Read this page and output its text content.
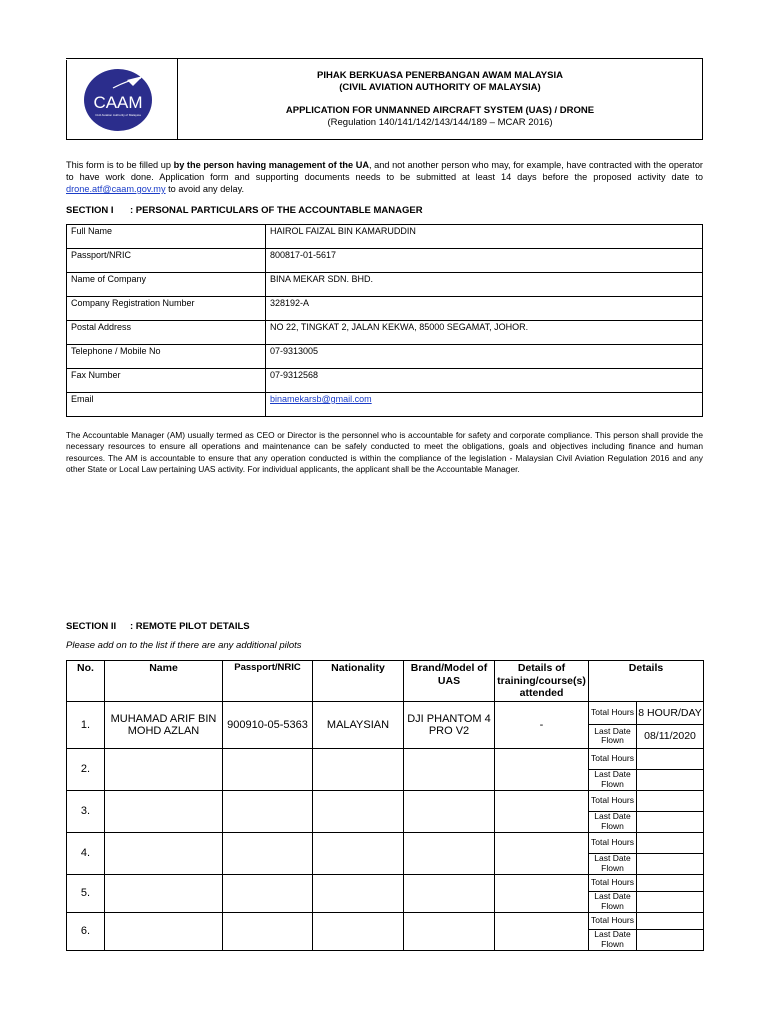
CAAM
Civil Aviation Authority of Malaysia
PIHAK BERKUASA PENERBANGAN AWAM MALAYSIA
(CIVIL AVIATION AUTHORITY OF MALAYSIA)
APPLICATION FOR UNMANNED AIRCRAFT SYSTEM (UAS) / DRONE
(Regulation 140/141/142/143/144/189 – MCAR 2016)
This form is to be filled up by the person having management of the UA, and not another person who may, for example, have contracted with the operator to have work done. Application form and supporting documents needs to be submitted at least 14 days before the proposed activity date to drone.atf@caam.gov.my to avoid any delay.
SECTION I : PERSONAL PARTICULARS OF THE ACCOUNTABLE MANAGER
Full Name	HAIROL FAIZAL BIN KAMARUDDIN
Passport/NRIC	800817-01-5617
Name of Company	BINA MEKAR SDN. BHD.
Company Registration Number	328192-A
Postal Address	NO 22, TINGKAT 2, JALAN KEKWA, 85000 SEGAMAT, JOHOR.
Telephone / Mobile No	07-9313005
Fax Number	07-9312568
Email	binamekarsb@gmail.com
The Accountable Manager (AM) usually termed as CEO or Director is the personnel who is accountable for safety and corporate compliance. This person shall provide the necessary resources to ensure all operations and maintenance can be safely conducted to meet the obligations, goals and objectives including finance and human resources. The AM is accountable to ensure that any operation conducted is within the compliance of the legislation - Malaysian Civil Aviation Regulation 2016 and any other State or Local Law pertaining UAS activity. For individual applicants, the applicant shall be the Accountable Manager.
SECTION II : REMOTE PILOT DETAILS
Please add on to the list if there are any additional pilots
No.	Name	Passport/NRIC	Nationality	Brand/Model of UAS	Details of training/course(s) attended	Details	
1.	MUHAMAD ARIF BIN MOHD AZLAN	900910-05-5363	MALAYSIAN	DJI PHANTOM 4 PRO V2	-	Total Hours	8 HOUR/DAY
						Last Date Flown	08/11/2020
2.						Total Hours	
						Last Date Flown	
3.						Total Hours	
						Last Date Flown	
4.						Total Hours	
						Last Date Flown	
5.						Total Hours	
						Last Date Flown	
6.						Total Hours	
						Last Date Flown	
